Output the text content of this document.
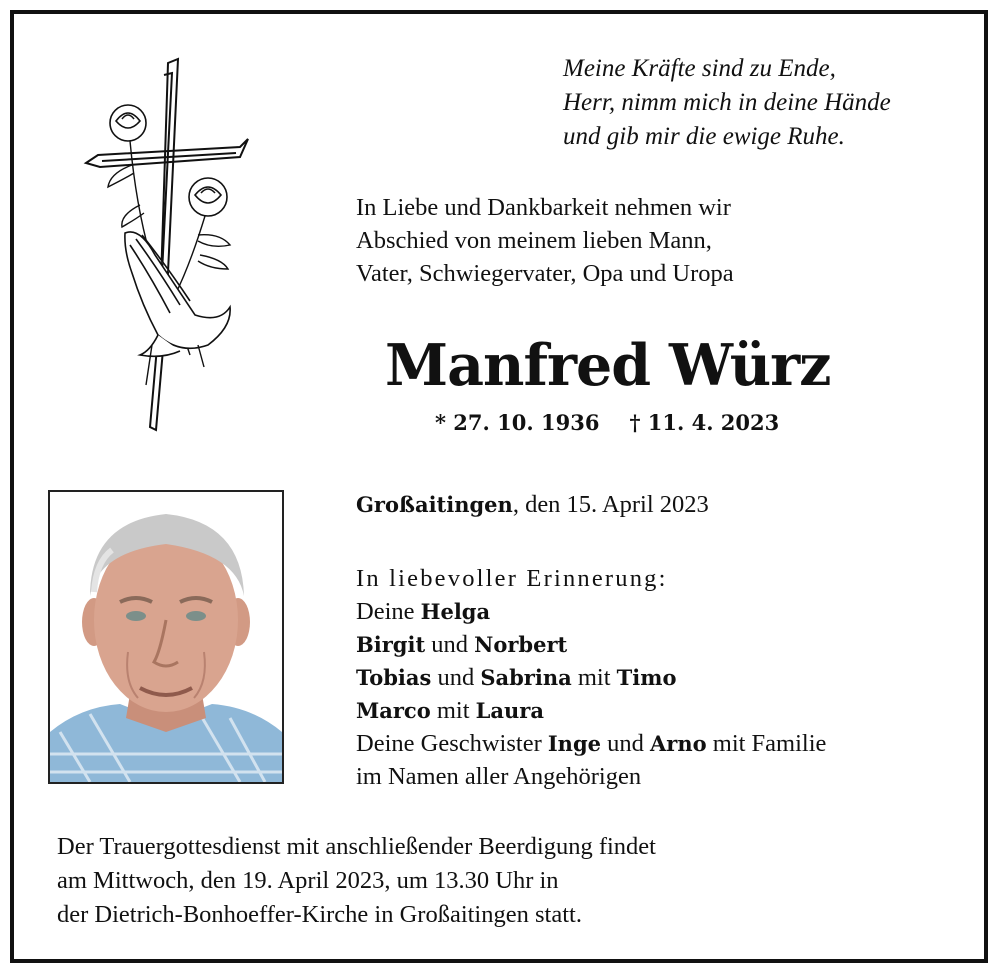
Meine Kräfte sind zu Ende,
Herr, nimm mich in deine Hände
und gib mir die ewige Ruhe.
In Liebe und Dankbarkeit nehmen wir
Abschied von meinem lieben Mann,
Vater, Schwiegervater, Opa und Uropa
Manfred Würz
* 27. 10. 1936 † 11. 4. 2023
Großaitingen, den 15. April 2023
In liebevoller Erinnerung:
Deine Helga
Birgit und Norbert
Tobias und Sabrina mit Timo
Marco mit Laura
Deine Geschwister Inge und Arno mit Familie
im Namen aller Angehörigen
Der Trauergottesdienst mit anschließender Beerdigung findet
am Mittwoch, den 19. April 2023, um 13.30 Uhr in
der Dietrich-Bonhoeffer-Kirche in Großaitingen statt.
